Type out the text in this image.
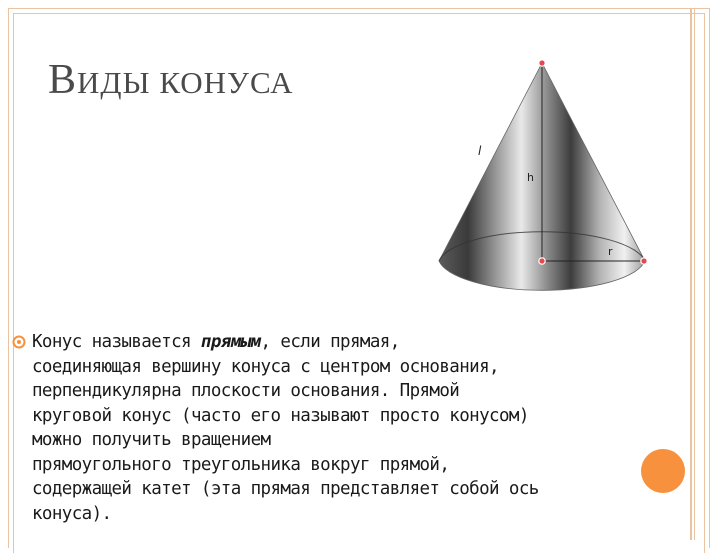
ВИДЫ КОНУСА
l
h
r

Конус называется прямым, если прямая,
соединяющая вершину конуса с центром основания,
перпендикулярна плоскости основания. Прямой
круговой конус (часто его называют просто конусом)
можно получить вращением
прямоугольного треугольника вокруг прямой,
содержащей катет (эта прямая представляет собой ось
конуса).
